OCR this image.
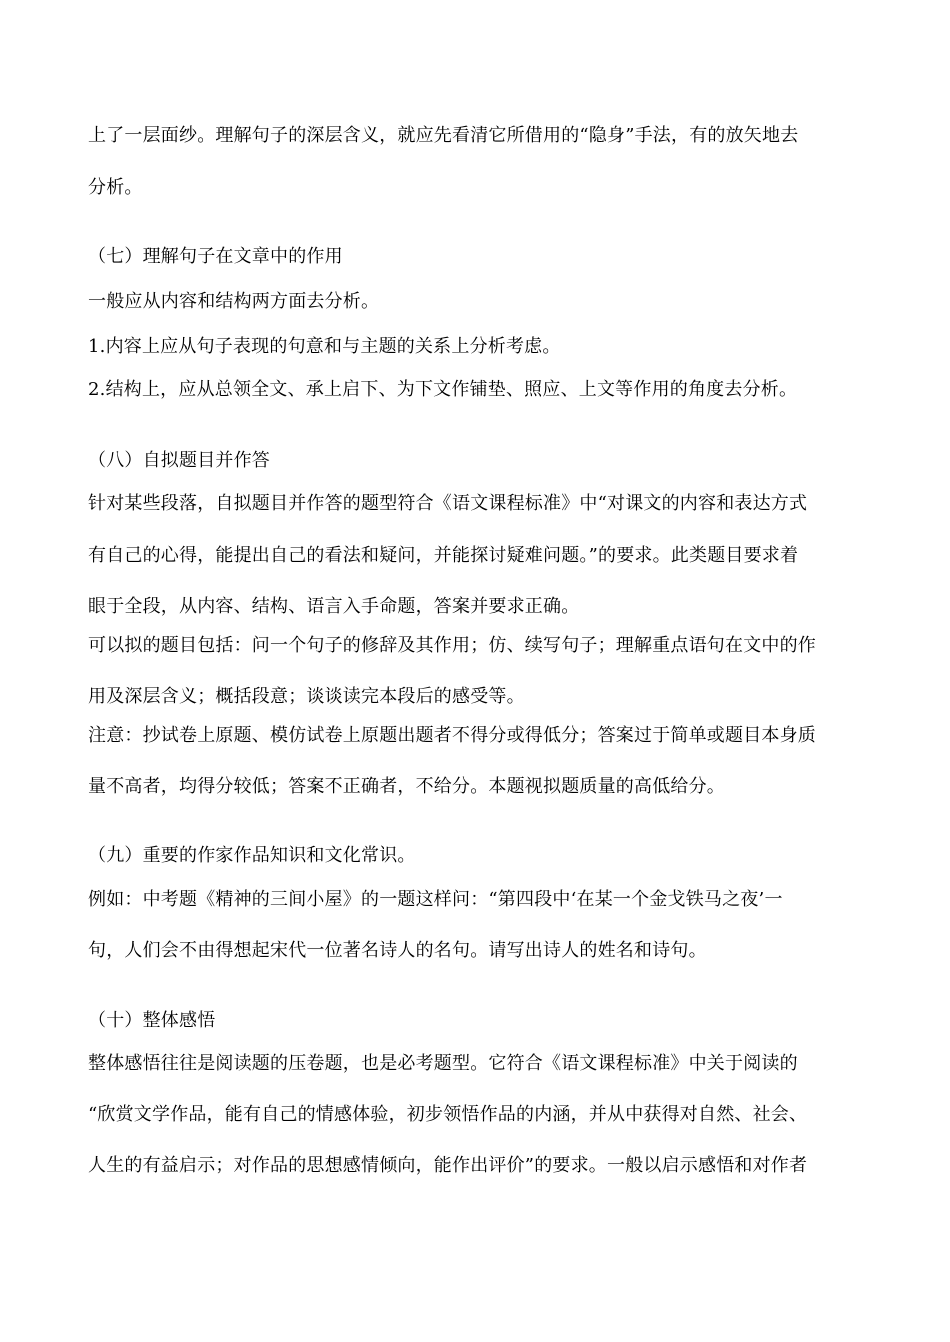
上了一层面纱。理解句子的深层含义，就应先看清它所借用的“隐身”手法，有的放矢地去
分析。
（七）理解句子在文章中的作用
一般应从内容和结构两方面去分析。
1.内容上应从句子表现的句意和与主题的关系上分析考虑。
2.结构上，应从总领全文、承上启下、为下文作铺垫、照应、上文等作用的角度去分析。
（八）自拟题目并作答
针对某些段落，自拟题目并作答的题型符合《语文课程标准》中“对课文的内容和表达方式
有自己的心得，能提出自己的看法和疑问，并能探讨疑难问题。”的要求。此类题目要求着
眼于全段，从内容、结构、语言入手命题，答案并要求正确。
可以拟的题目包括：问一个句子的修辞及其作用；仿、续写句子；理解重点语句在文中的作
用及深层含义；概括段意；谈谈读完本段后的感受等。
注意：抄试卷上原题、模仿试卷上原题出题者不得分或得低分；答案过于简单或题目本身质
量不高者，均得分较低；答案不正确者，不给分。本题视拟题质量的高低给分。
（九）重要的作家作品知识和文化常识。
例如：中考题《精神的三间小屋》的一题这样问：“第四段中‘在某一个金戈铁马之夜’一
句，人们会不由得想起宋代一位著名诗人的名句。请写出诗人的姓名和诗句。
（十）整体感悟
整体感悟往往是阅读题的压卷题，也是必考题型。它符合《语文课程标准》中关于阅读的
“欣赏文学作品，能有自己的情感体验，初步领悟作品的内涵，并从中获得对自然、社会、
人生的有益启示；对作品的思想感情倾向，能作出评价”的要求。一般以启示感悟和对作者
